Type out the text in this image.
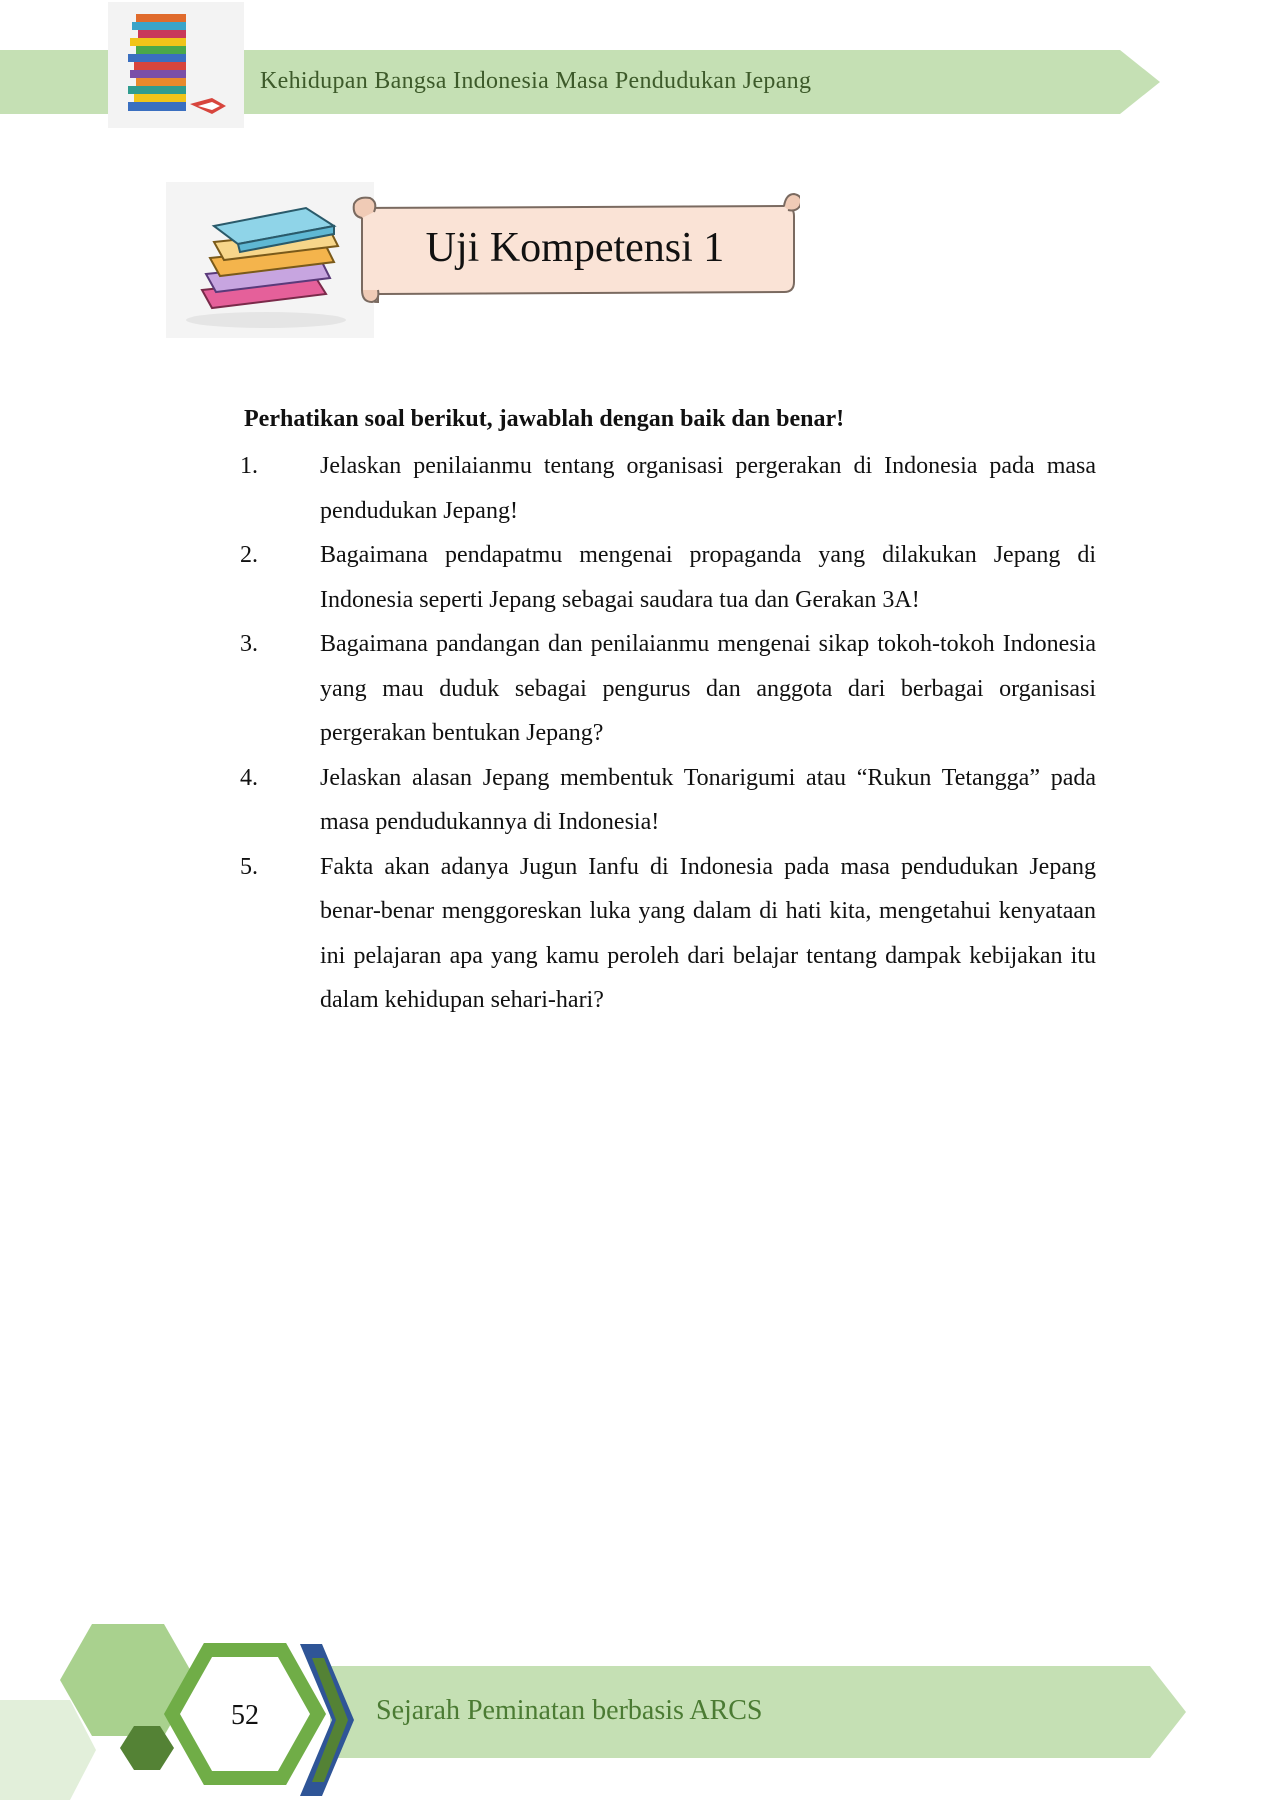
Kehidupan Bangsa Indonesia Masa Pendudukan Jepang
Uji Kompetensi 1
Perhatikan soal berikut, jawablah dengan baik dan benar!
1.	Jelaskan penilaianmu tentang organisasi pergerakan di Indonesia pada masa pendudukan Jepang!
2.	Bagaimana pendapatmu mengenai propaganda yang dilakukan Jepang di Indonesia seperti Jepang sebagai saudara tua dan Gerakan 3A!
3.	Bagaimana pandangan dan penilaianmu mengenai sikap tokoh-tokoh Indonesia yang mau duduk sebagai pengurus dan anggota dari berbagai organisasi pergerakan bentukan Jepang?
4.	Jelaskan alasan Jepang membentuk Tonarigumi atau “Rukun Tetangga” pada masa pendudukannya di Indonesia!
5.	Fakta akan adanya Jugun Ianfu di Indonesia pada masa pendudukan Jepang benar-benar menggoreskan luka yang dalam di hati kita, mengetahui kenyataan ini pelajaran apa yang kamu peroleh dari belajar tentang dampak kebijakan itu dalam kehidupan sehari-hari?
52	Sejarah Peminatan berbasis ARCS
